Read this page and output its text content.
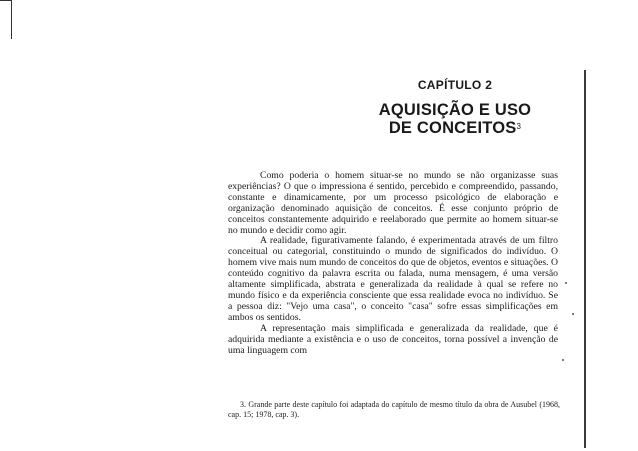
CAPÍTULO 2
AQUISIÇÃO E USO
DE CONCEITOS$^3$

Como poderia o homem situar-se no mundo se não organizasse suas experiências? O que o impressiona é sentido, percebido e compreendido, passando, constante e dinamicamente, por um processo psicológico de elaboração e organização denominado aquisição de conceitos. É esse conjunto próprio de conceitos constantemente adquirido e reelaborado que permite ao homem situar-se no mundo e decidir como agir.

A realidade, figurativamente falando, é experimentada através de um filtro conceitual ou categorial, constituindo o mundo de significados do indivíduo. O homem vive mais num mundo de conceitos do que de objetos, eventos e situações. O conteúdo cognitivo da palavra escrita ou falada, numa mensagem, é uma versão altamente simplificada, abstrata e generalizada da realidade à qual se refere no mundo físico e da experiência consciente que essa realidade evoca no indivíduo. Se a pessoa diz: "Vejo uma casa", o conceito "casa" sofre essas simplificações em ambos os sentidos.

A representação mais simplificada e generalizada da realidade, que é adquirida mediante a existência e o uso de conceitos, torna possível a invenção de uma linguagem com

3. Grande parte deste capítulo foi adaptada do capítulo de mesmo título da obra de Ausubel (1968, cap. 15; 1978, cap. 3).
